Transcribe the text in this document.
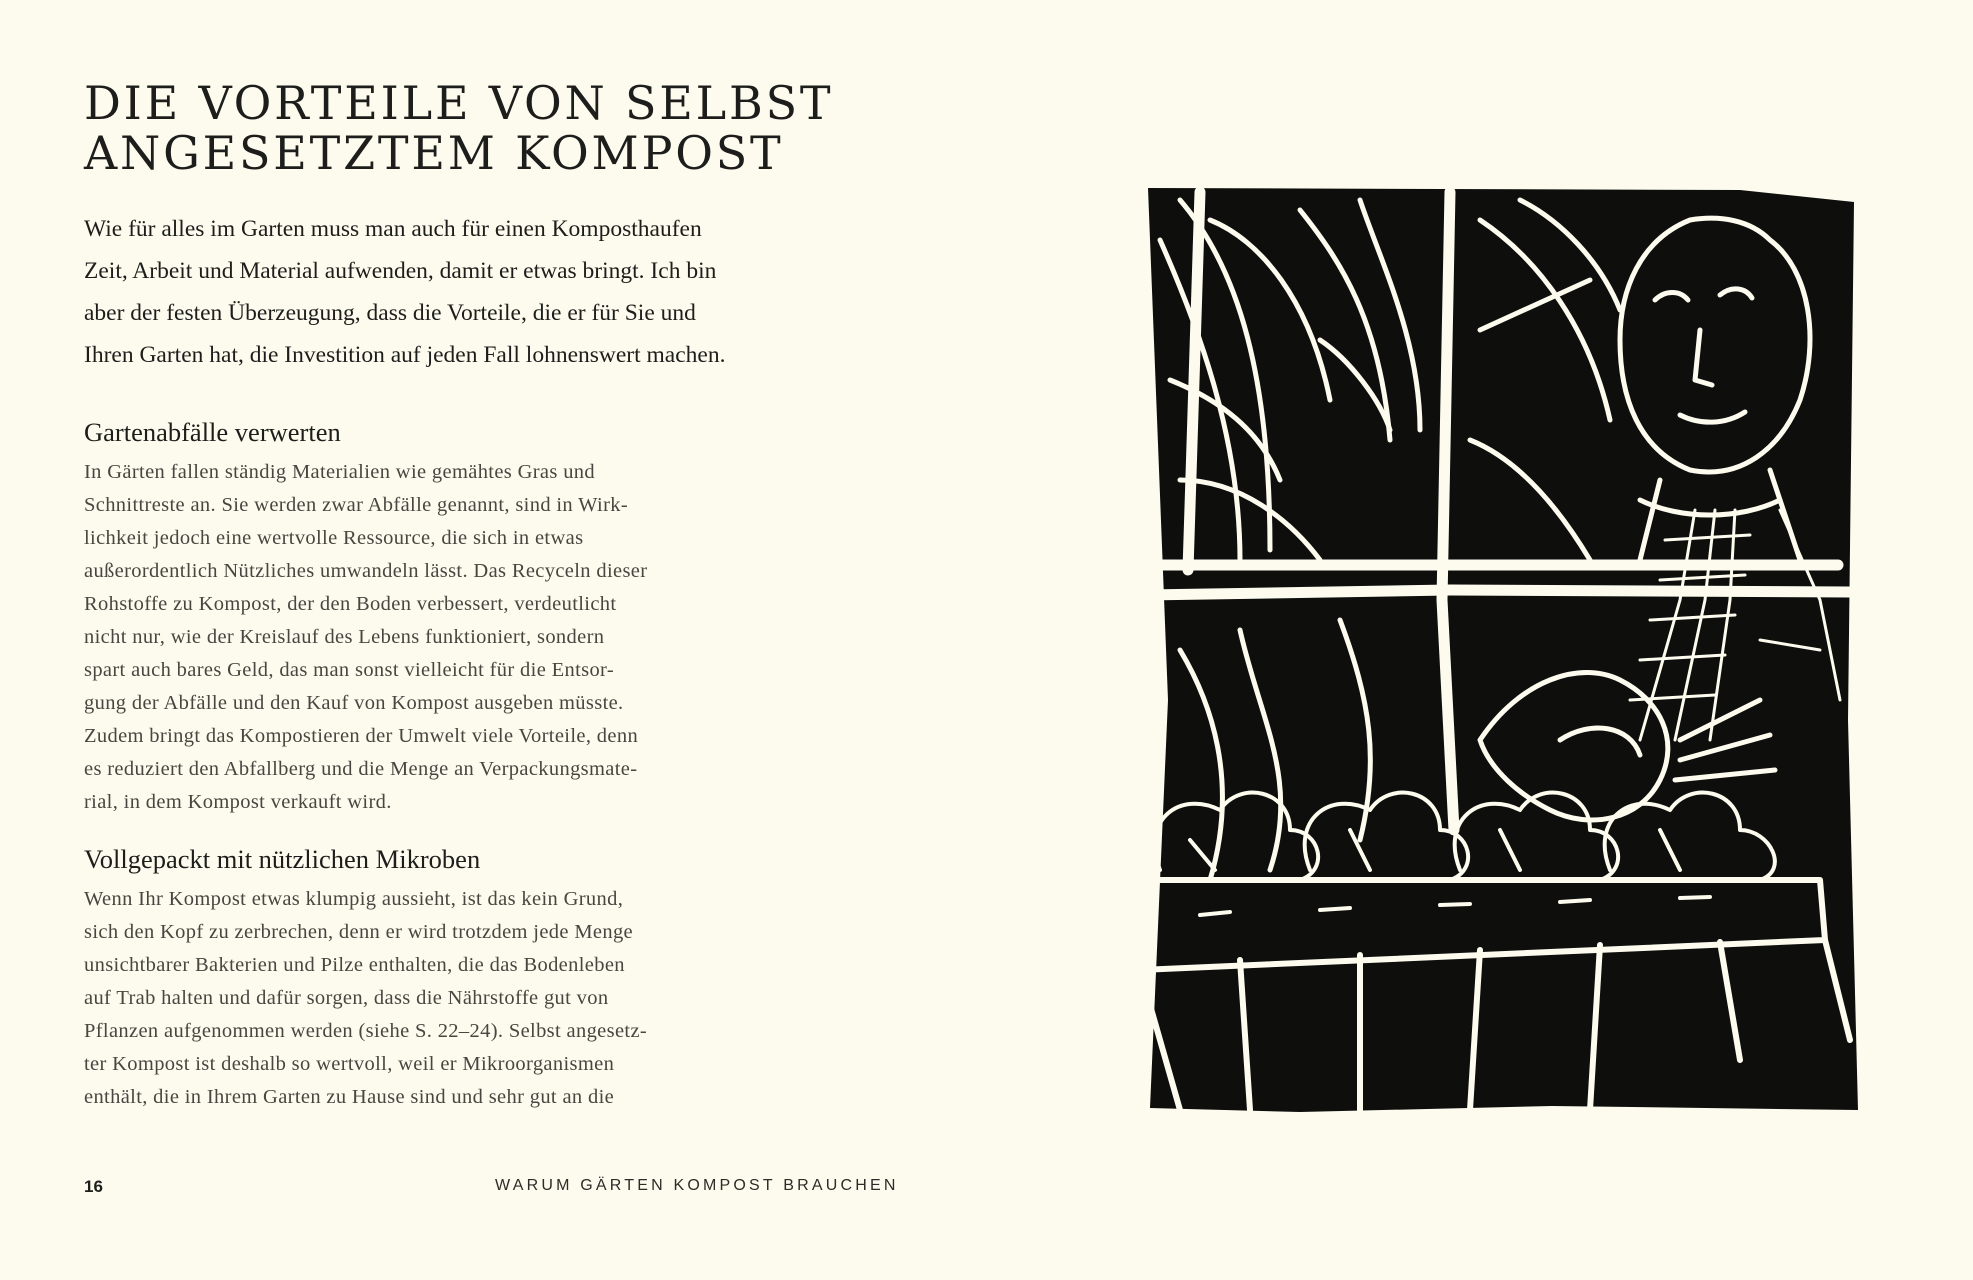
DIE VORTEILE VON SELBST
ANGESETZTEM KOMPOST
Wie für alles im Garten muss man auch für einen Komposthaufen
Zeit, Arbeit und Material aufwenden, damit er etwas bringt. Ich bin
aber der festen Überzeugung, dass die Vorteile, die er für Sie und
Ihren Garten hat, die Investition auf jeden Fall lohnenswert machen.
Gartenabfälle verwerten
In Gärten fallen ständig Materialien wie gemähtes Gras und
Schnittreste an. Sie werden zwar Abfälle genannt, sind in Wirk-
lichkeit jedoch eine wertvolle Ressource, die sich in etwas
außerordentlich Nützliches umwandeln lässt. Das Recyceln dieser
Rohstoffe zu Kompost, der den Boden verbessert, verdeutlicht
nicht nur, wie der Kreislauf des Lebens funktioniert, sondern
spart auch bares Geld, das man sonst vielleicht für die Entsor-
gung der Abfälle und den Kauf von Kompost ausgeben müsste.
Zudem bringt das Kompostieren der Umwelt viele Vorteile, denn
es reduziert den Abfallberg und die Menge an Verpackungsmate-
rial, in dem Kompost verkauft wird.
Vollgepackt mit nützlichen Mikroben
Wenn Ihr Kompost etwas klumpig aussieht, ist das kein Grund,
sich den Kopf zu zerbrechen, denn er wird trotzdem jede Menge
unsichtbarer Bakterien und Pilze enthalten, die das Bodenleben
auf Trab halten und dafür sorgen, dass die Nährstoffe gut von
Pflanzen aufgenommen werden (siehe S. 22–24). Selbst angesetz-
ter Kompost ist deshalb so wertvoll, weil er Mikroorganismen
enthält, die in Ihrem Garten zu Hause sind und sehr gut an die
16	WARUM GÄRTEN KOMPOST BRAUCHEN
